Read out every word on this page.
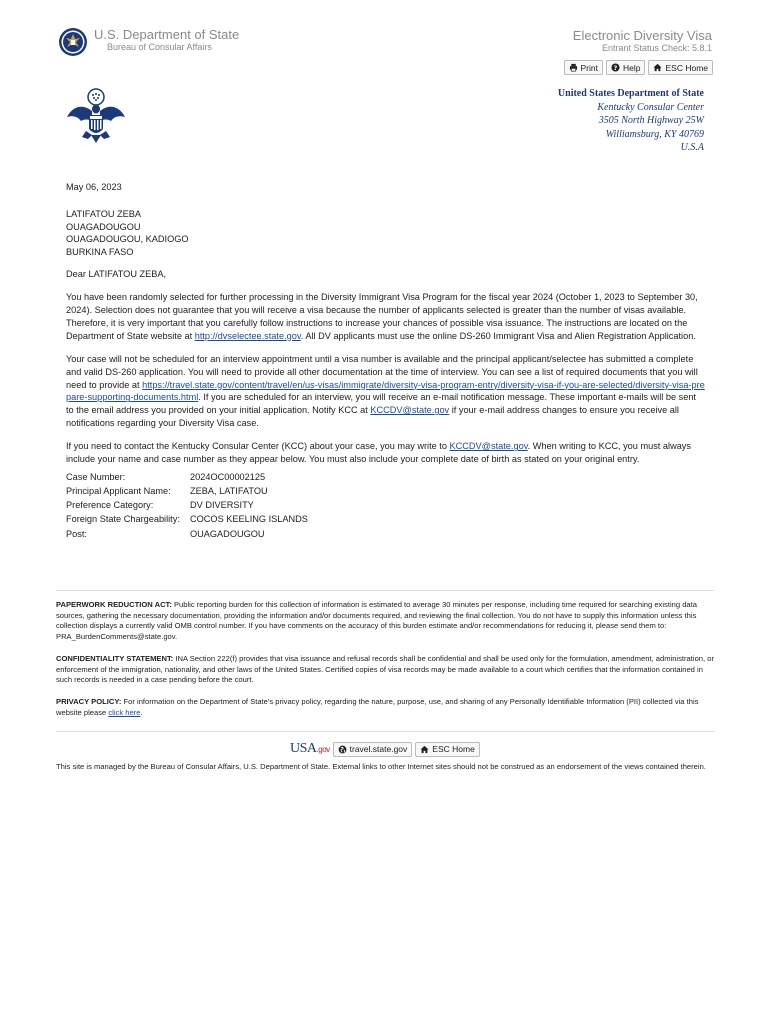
U.S. Department of State
Bureau of Consular Affairs
Electronic Diversity Visa
Entrant Status Check: 5.8.1
Print ? Help	ESC Home
United States Department of State
Kentucky Consular Center
3505 North Highway 25W
Williamsburg, KY 40769
U.S.A

May 06, 2023

LATIFATOU ZEBA
OUAGADOUGOU
OUAGADOUGOU, KADIOGO
BURKINA FASO

Dear LATIFATOU ZEBA,

You have been randomly selected for further processing in the Diversity Immigrant Visa Program for the fiscal year 2024 (October 1, 2023 to September 30, 2024). Selection does not guarantee that you will receive a visa because the number of applicants selected is greater than the number of visas available. Therefore, it is very important that you carefully follow instructions to increase your chances of possible visa issuance. The instructions are located on the Department of State website at http://dvselectee.state.gov. All DV applicants must use the online DS-260 Immigrant Visa and Alien Registration Application.

Your case will not be scheduled for an interview appointment until a visa number is available and the principal applicant/selectee has submitted a complete and valid DS-260 application. You will need to provide all other documentation at the time of interview. You can see a list of required documents that you will need to provide at https://travel.state.gov/content/travel/en/us-visas/immigrate/diversity-visa-program-entry/diversity-visa-if-you-are-selected/diversity-visa-prepare-supporting-documents.html. If you are scheduled for an interview, you will receive an e-mail notification message. These important e-mails will be sent to the email address you provided on your initial application. Notify KCC at KCCDV@state.gov if your e-mail address changes to ensure you receive all notifications regarding your Diversity Visa case.

If you need to contact the Kentucky Consular Center (KCC) about your case, you may write to KCCDV@state.gov. When writing to KCC, you must always include your name and case number as they appear below. You must also include your complete date of birth as stated on your original entry.

Case Number:	2024OC00002125
Principal Applicant Name:	ZEBA, LATIFATOU
Preference Category:	DV DIVERSITY
Foreign State Chargeability:	COCOS KEELING ISLANDS
Post:	OUAGADOUGOU
PAPERWORK REDUCTION ACT: Public reporting burden for this collection of information is estimated to average 30 minutes per response, including time required for searching existing data sources, gathering the necessary documentation, providing the information and/or documents required, and reviewing the final collection. You do not have to supply this information unless this collection displays a currently valid OMB control number. If you have comments on the accuracy of this burden estimate and/or recommendations for reducing it, please send them to: PRA_BurdenComments@state.gov.
CONFIDENTIALITY STATEMENT: INA Section 222(f) provides that visa issuance and refusal records shall be confidential and shall be used only for the formulation, amendment, administration, or enforcement of the immigration, nationality, and other laws of the United States. Certified copies of visa records may be made available to a court which certifies that the information contained in such records is needed in a case pending before the court.
PRIVACY POLICY: For information on the Department of State's privacy policy, regarding the nature, purpose, use, and sharing of any Personally Identifiable Information (PII) collected via this website please click here.
USA .gov travel.state.gov	ESC Home
This site is managed by the Bureau of Consular Affairs, U.S. Department of State. External links to other Internet sites should not be construed as an endorsement of the views contained therein.
